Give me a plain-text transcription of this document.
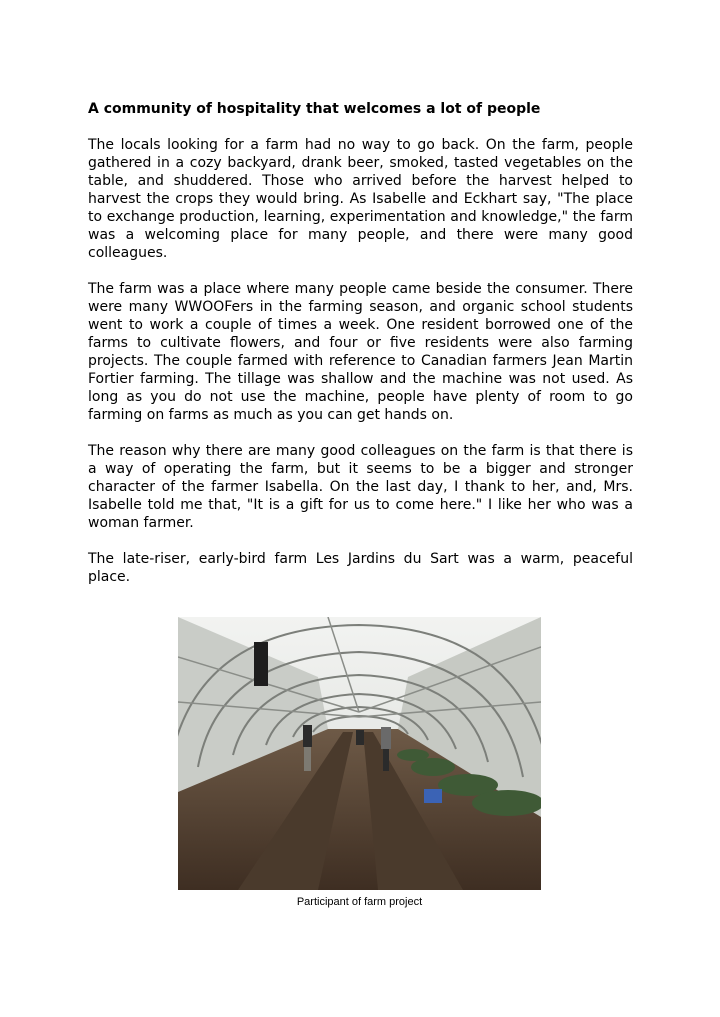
A community of hospitality that welcomes a lot of people

The locals looking for a farm had no way to go back. On the farm, people gathered in a cozy backyard, drank beer, smoked, tasted vegetables on the table, and shuddered. Those who arrived before the harvest helped to harvest the crops they would bring. As Isabelle and Eckhart say, "The place to exchange production, learning, experimentation and knowledge," the farm was a welcoming place for many people, and there were many good colleagues.

The farm was a place where many people came beside the consumer. There were many WWOOFers in the farming season, and organic school students went to work a couple of times a week. One resident borrowed one of the farms to cultivate flowers, and four or five residents were also farming projects. The couple farmed with reference to Canadian farmers Jean Martin Fortier farming. The tillage was shallow and the machine was not used. As long as you do not use the machine, people have plenty of room to go farming on farms as much as you can get hands on.

The reason why there are many good colleagues on the farm is that there is a way of operating the farm, but it seems to be a bigger and stronger character of the farmer Isabella. On the last day, I thank to her, and, Mrs. Isabelle told me that, "It is a gift for us to come here." I like her who was a woman farmer.

The late-riser, early-bird farm Les Jardins du Sart was a warm, peaceful place.

Participant of farm project
